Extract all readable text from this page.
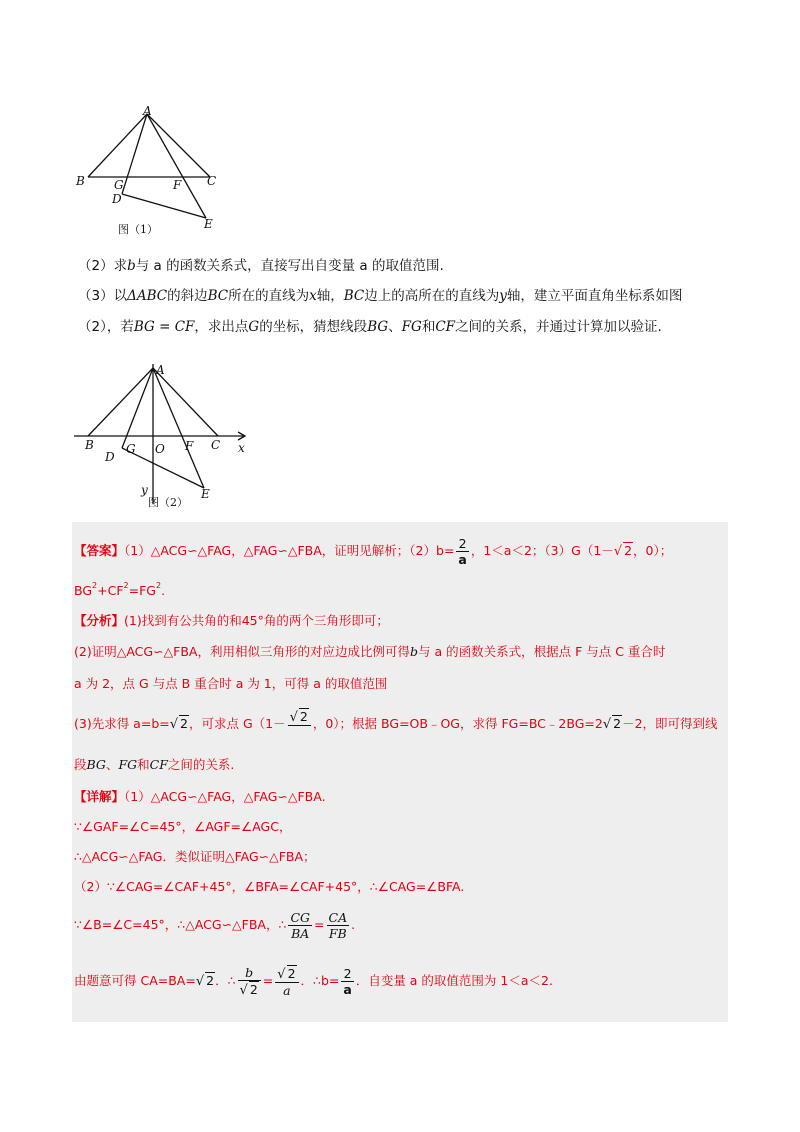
A
B G	F C
D
E
图（1）
（2）求b与 a 的函数关系式，直接写出自变量 a 的取值范围.
（3）以ΔABC的斜边BC所在的直线为x轴，BC边上的高所在的直线为y轴，建立平面直角坐标系如图
（2），若BG = CF，求出点G的坐标，猜想线段BG、FG和CF之间的关系，并通过计算加以验证.
A
B	G O F C
D
E
x
y
图（2）
【答案】（1）△ACG∽△FAG，△FAG∽△FBA，证明见解析；$(2)b= \frac{2}{a}$ ，1＜a＜2；（3）G（1－√ 2，0）；
$BG^2+CF^2=FG^2$.
【分析】(1)找到有公共角的和45°角的两个三角形即可；
(2)证明△ACG∽△FBA，利用相似三角形的对应边成比例可得b与 a 的函数关系式，根据点 F 与点 C 重合时
a 为 2，点 G 与点 B 重合时 a 为 1，可得 a 的取值范围
(3)先求得 a=b=√ 2，可求点 G（1－ √ 2
，0）；根据 BG=OB﹣OG，求得 FG=BC﹣2BG=2√ 2－2，即可得到线
段BG、FG和CF之间的关系.
【详解】（1）△ACG∽△FAG，△FAG∽△FBA.
∵∠GAF=∠C=45°，∠AGF=∠AGC，
∴△ACG∽△FAG．类似证明△FAG∽△FBA；
（2）∵∠CAG=∠CAF+45°，∠BFA=∠CAF+45°，∴∠CAG=∠BFA.
∵∠B=∠C=45°，∴△ACG∽△FBA，∴ $\frac{CG}{BA} = \frac{CA}{FB}$ .
由题意可得 CA=BA=√ 2．∴ $\frac{b}{√ 2} = \frac{√ 2}{a}$ ．∴b= $\frac{2}{a}$ ．自变量 a 的取值范围为 1＜a＜2.
